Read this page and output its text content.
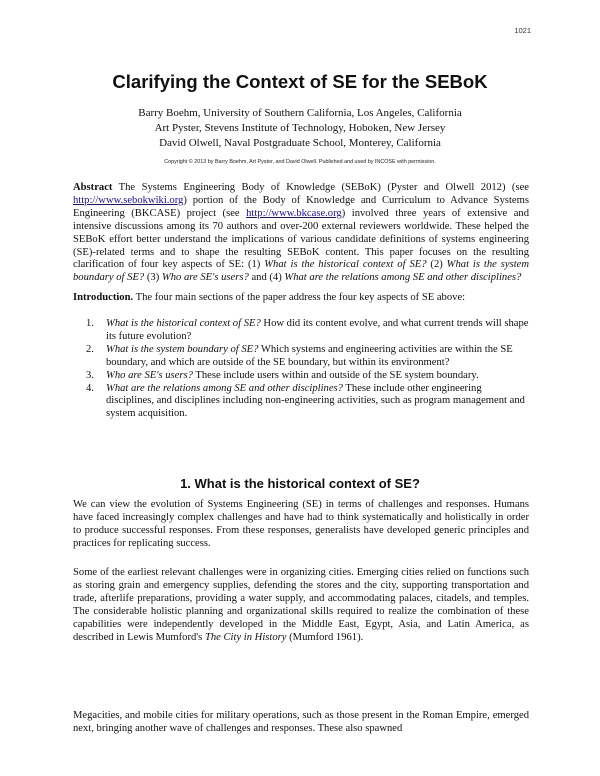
1021
Clarifying the Context of SE for the SEBoK
Barry Boehm, University of Southern California, Los Angeles, California
Art Pyster, Stevens Institute of Technology, Hoboken, New Jersey
David Olwell, Naval Postgraduate School, Monterey, California
Copyright © 2013 by Barry Boehm, Art Pyster, and David Olwell. Published and used by INCOSE with permission.

Abstract The Systems Engineering Body of Knowledge (SEBoK) (Pyster and Olwell 2012) (see http://www.sebokwiki.org) portion of the Body of Knowledge and Curriculum to Advance Systems Engineering (BKCASE) project (see http://www.bkcase.org) involved three years of extensive and intensive discussions among its 70 authors and over-200 external reviewers worldwide. These helped the SEBoK effort better understand the implications of various candidate definitions of systems engineering (SE)-related terms and to shape the resulting SEBoK content. This paper focuses on the resulting clarification of four key aspects of SE: (1) What is the historical context of SE? (2) What is the system boundary of SE? (3) Who are SE's users? and (4) What are the relations among SE and other disciplines?

Introduction. The four main sections of the paper address the four key aspects of SE above:

1. What is the historical context of SE? How did its content evolve, and what current trends will shape its future evolution?
2. What is the system boundary of SE? Which systems and engineering activities are within the SE boundary, and which are outside of the SE boundary, but within its environment?
3. Who are SE's users? These include users within and outside of the SE system boundary.
4. What are the relations among SE and other disciplines? These include other engineering disciplines, and disciplines including non-engineering activities, such as program management and system acquisition.
1. What is the historical context of SE?

We can view the evolution of Systems Engineering (SE) in terms of challenges and responses. Humans have faced increasingly complex challenges and have had to think systematically and holistically in order to produce successful responses. From these responses, generalists have developed generic principles and practices for replicating success.

Some of the earliest relevant challenges were in organizing cities. Emerging cities relied on functions such as storing grain and emergency supplies, defending the stores and the city, supporting transportation and trade, afterlife preparations, providing a water supply, and accommodating palaces, citadels, and temples. The considerable holistic planning and organizational skills required to realize the combination of these capabilities were independently developed in the Middle East, Egypt, Asia, and Latin America, as described in Lewis Mumford's The City in History (Mumford 1961).

Megacities, and mobile cities for military operations, such as those present in the Roman Empire, emerged next, bringing another wave of challenges and responses. These also spawned
